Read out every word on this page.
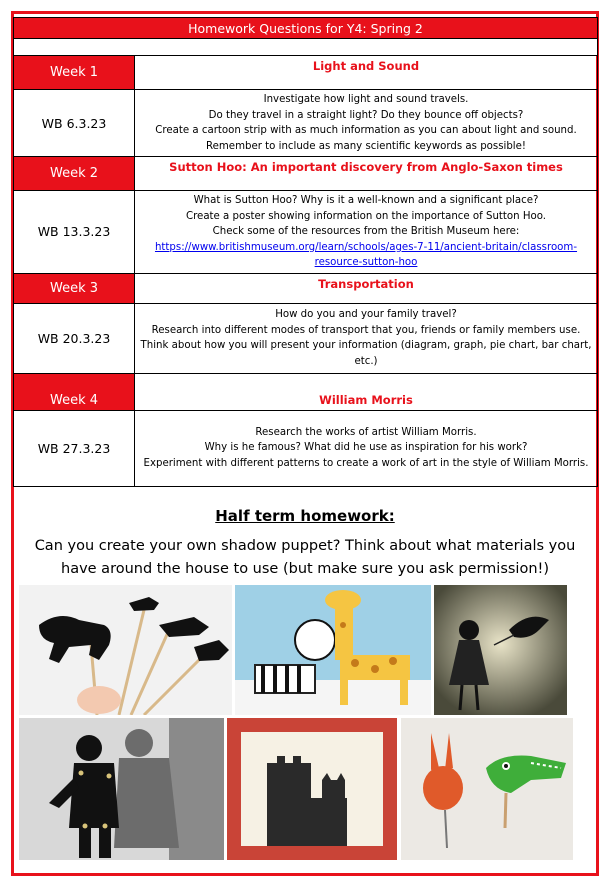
Homework Questions for Y4: Spring 2	

Week 1	Light and Sound
WB 6.3.23	Investigate how light and sound travels.
Do they travel in a straight light? Do they bounce off objects?
Create a cartoon strip with as much information as you can about light and sound.
Remember to include as many scientific keywords as possible!

Week 2	Sutton Hoo: An important discovery from Anglo-Saxon times
WB 13.3.23	What is Sutton Hoo? Why is it a well-known and a significant place?
Create a poster showing information on the importance of Sutton Hoo.
Check some of the resources from the British Museum here:
https://www.britishmuseum.org/learn/schools/ages-7-11/ancient-britain/classroom-resource-sutton-hoo

Week 3	Transportation
WB 20.3.23	How do you and your family travel?
Research into different modes of transport that you, friends or family members use.
Think about how you will present your information (diagram, graph, pie chart, bar chart, etc.)

Week 4	William Morris
WB 27.3.23	Research the works of artist William Morris.
Why is he famous? What did he use as inspiration for his work?
Experiment with different patterns to create a work of art in the style of William Morris.
Half term homework:
Can you create your own shadow puppet? Think about what materials you have around the house to use (but make sure you ask permission!)
